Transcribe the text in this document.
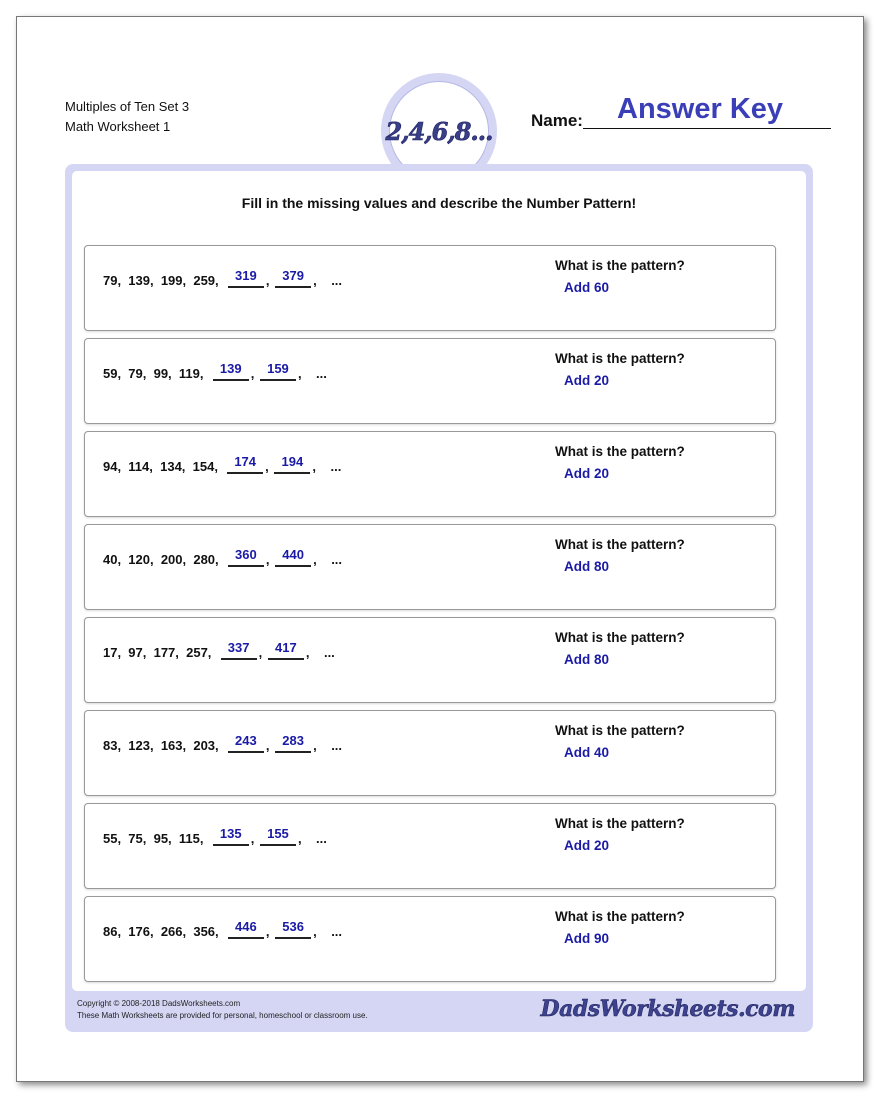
Multiples of Ten Set 3
Math Worksheet 1	2,4,6,8... Name: Answer Key
Fill in the missing values and describe the Number Pattern!
79,  139,  199,  259,
	319 , 379 , ...
What is the pattern?
Add 60
59,  79,  99,  119,
	139 , 159 , ...
What is the pattern?
Add 20
94,  114,  134,  154,
	174 , 194 , ...
What is the pattern?
Add 20
40,  120,  200,  280,
	360 , 440 , ...
What is the pattern?
Add 80
17,  97,  177,  257,
	337 , 417 , ...
What is the pattern?
Add 80
83,  123,  163,  203,
	243 , 283 , ...
What is the pattern?
Add 40
55,  75,  95,  115,
	135 , 155 , ...
What is the pattern?
Add 20
86,  176,  266,  356,
	446 , 536 , ...
What is the pattern?
Add 90
Copyright © 2008-2018 DadsWorksheets.com
These Math Worksheets are provided for personal, homeschool or classroom use.	DadsWorksheets.com
